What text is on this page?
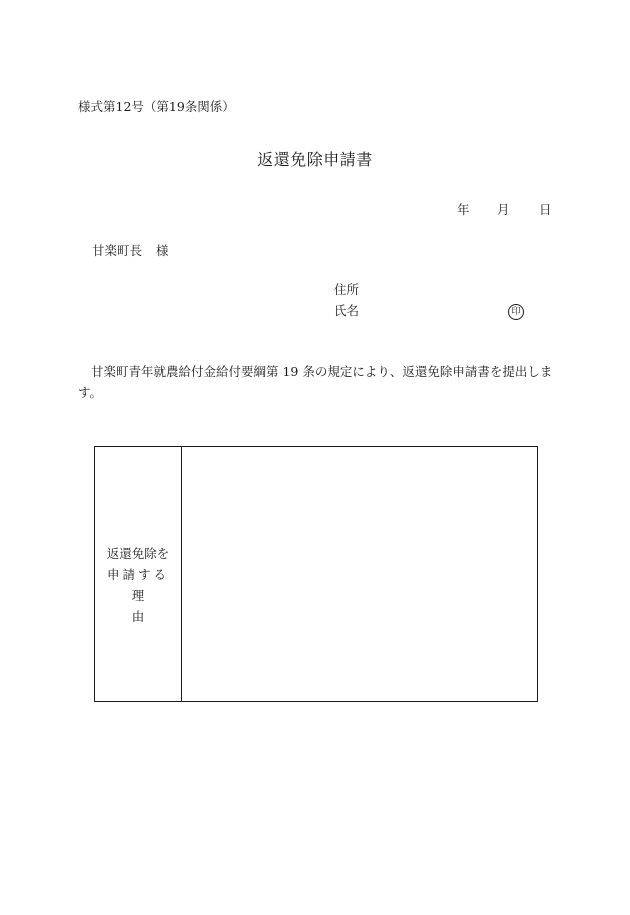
様式第12号（第19条関係）
返還免除申請書
年 月 日
甘楽町長 様
住所
氏名	印
甘楽町青年就農給付金給付要綱第 19 条の規定により、返還免除申請書を提出します。
返還免除を
申請する
理由
